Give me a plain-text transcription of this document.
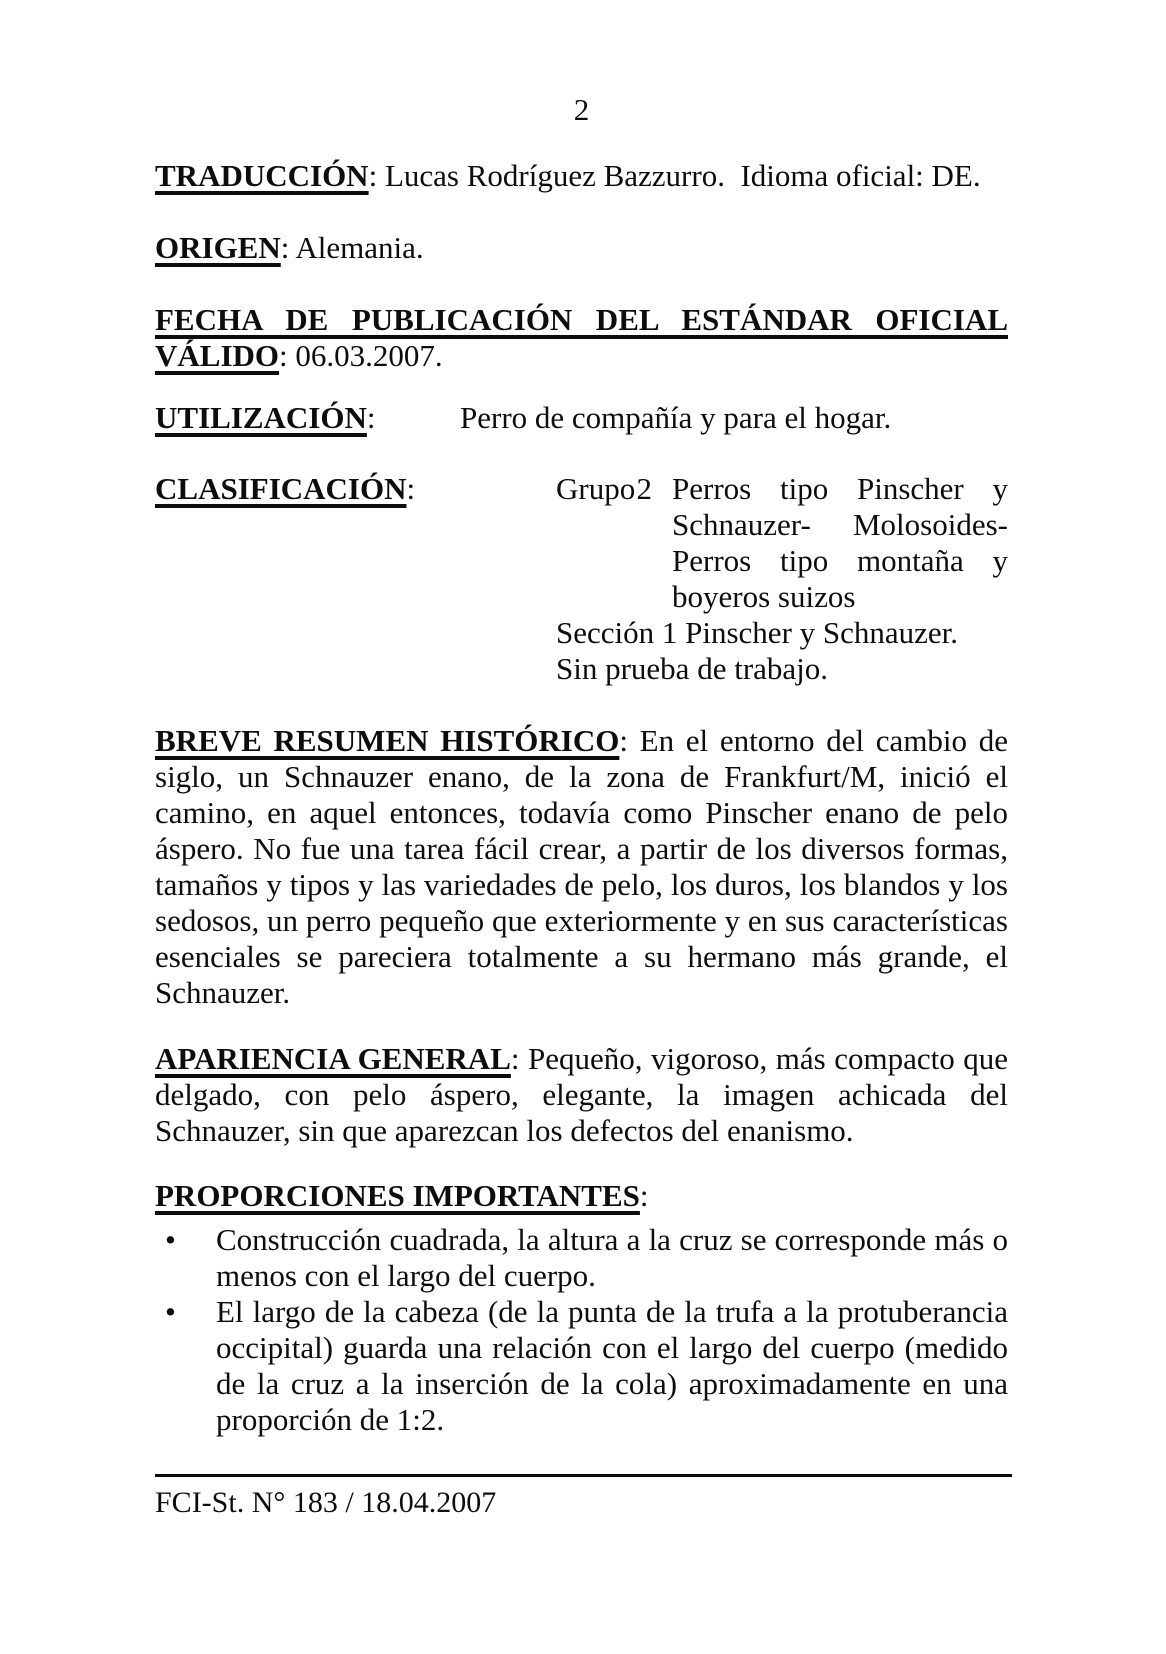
2

TRADUCCIÓN: Lucas Rodríguez Bazzurro.  Idioma oficial: DE.

ORIGEN: Alemania.

FECHA DE PUBLICACIÓN DEL ESTÁNDAR OFICIAL VÁLIDO: 06.03.2007.

UTILIZACIÓN:	Perro de compañía y para el hogar.
CLASIFICACIÓN:	Grupo 2 Perros tipo Pinscher y Schnauzer- Molosoides- Perros tipo montaña y boyeros suizos
Sección 1 Pinscher y Schnauzer.
Sin prueba de trabajo.

BREVE RESUMEN HISTÓRICO: En el entorno del cambio de siglo, un Schnauzer enano, de la zona de Frankfurt/M, inició el camino, en aquel entonces, todavía como Pinscher enano de pelo áspero. No fue una tarea fácil crear, a partir de los diversos formas, tamaños y tipos y las variedades de pelo, los duros, los blandos y los sedosos, un perro pequeño que exteriormente y en sus características esenciales se pareciera totalmente a su hermano más grande, el Schnauzer.

APARIENCIA GENERAL: Pequeño, vigoroso, más compacto que delgado, con pelo áspero, elegante, la imagen achicada del Schnauzer, sin que aparezcan los defectos del enanismo.

PROPORCIONES IMPORTANTES:

• Construcción cuadrada, la altura a la cruz se corresponde más o menos con el largo del cuerpo.
• El largo de la cabeza (de la punta de la trufa a la protuberancia occipital) guarda una relación con el largo del cuerpo (medido de la cruz a la inserción de la cola) aproximadamente en una proporción de 1:2.
FCI-St. N° 183 / 18.04.2007
